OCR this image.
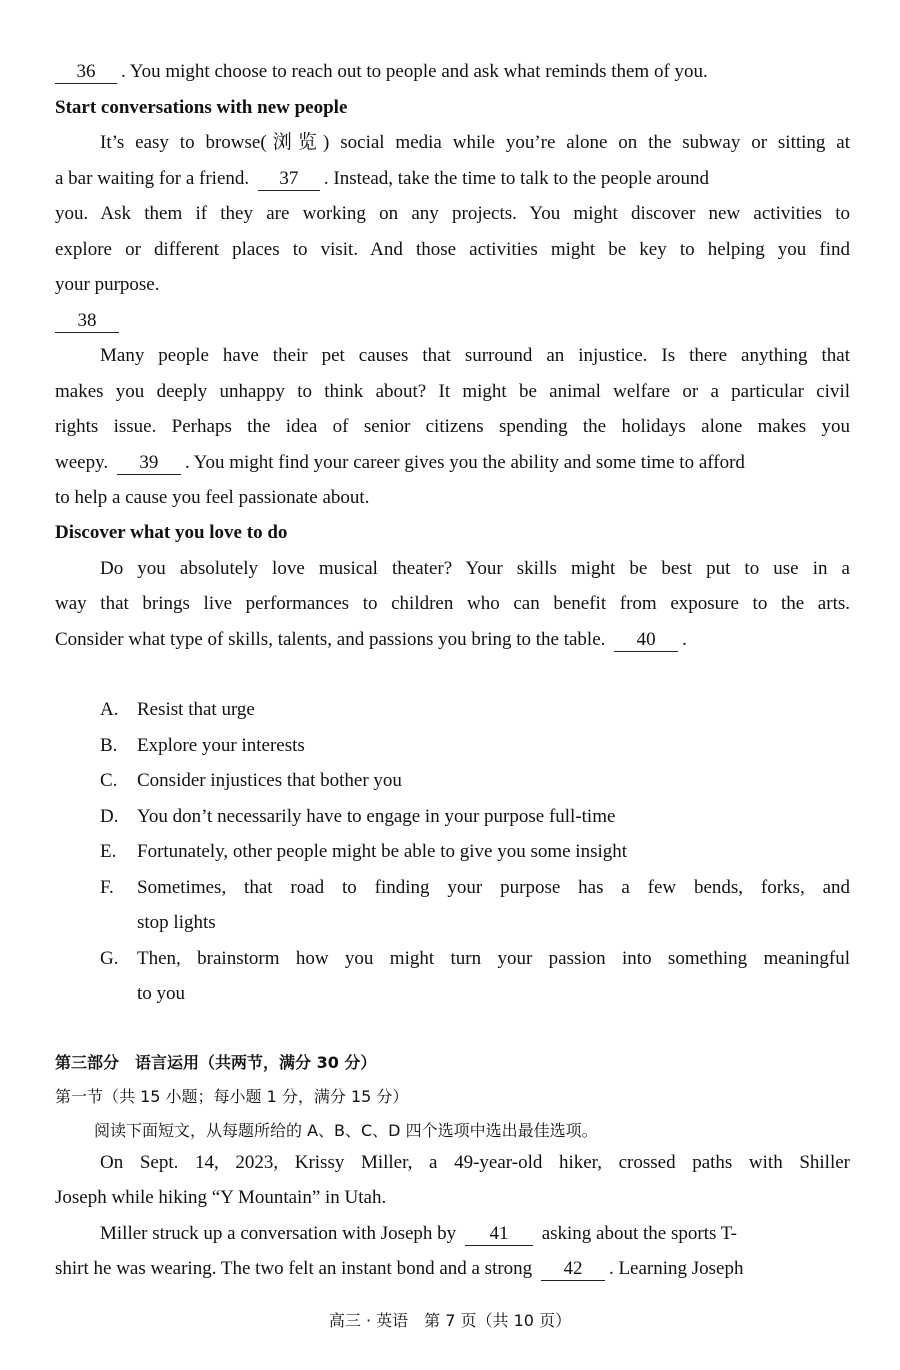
36 . You might choose to reach out to people and ask what reminds them of you.
Start conversations with new people
It’s easy to browse(浏览) social media while you’re alone on the subway or sitting at
a bar waiting for a friend. 37 . Instead, take the time to talk to the people around
you. Ask them if they are working on any projects. You might discover new activities to
explore or different places to visit. And those activities might be key to helping you find
your purpose.
38
Many people have their pet causes that surround an injustice. Is there anything that
makes you deeply unhappy to think about? It might be animal welfare or a particular civil
rights issue. Perhaps the idea of senior citizens spending the holidays alone makes you
weepy. 39 . You might find your career gives you the ability and some time to afford
to help a cause you feel passionate about.
Discover what you love to do
Do you absolutely love musical theater? Your skills might be best put to use in a
way that brings live performances to children who can benefit from exposure to the arts.
Consider what type of skills, talents, and passions you bring to the table. 40 .
A. Resist that urge
B. Explore your interests
C. Consider injustices that bother you
D. You don’t necessarily have to engage in your purpose full-time
E. Fortunately, other people might be able to give you some insight
F. Sometimes, that road to finding your purpose has a few bends, forks, and
stop lights
G. Then, brainstorm how you might turn your passion into something meaningful
to you
第三部分　语言运用（共两节，满分 30 分）
第一节（共 15 小题；每小题 1 分，满分 15 分）
阅读下面短文，从每题所给的 A、B、C、D 四个选项中选出最佳选项。
On Sept. 14, 2023, Krissy Miller, a 49-year-old hiker, crossed paths with Shiller
Joseph while hiking “Y Mountain” in Utah.
Miller struck up a conversation with Joseph by 41 asking about the sports T-
shirt he was wearing. The two felt an instant bond and a strong 42 . Learning Joseph
高三 · 英语　第 7 页（共 10 页）
